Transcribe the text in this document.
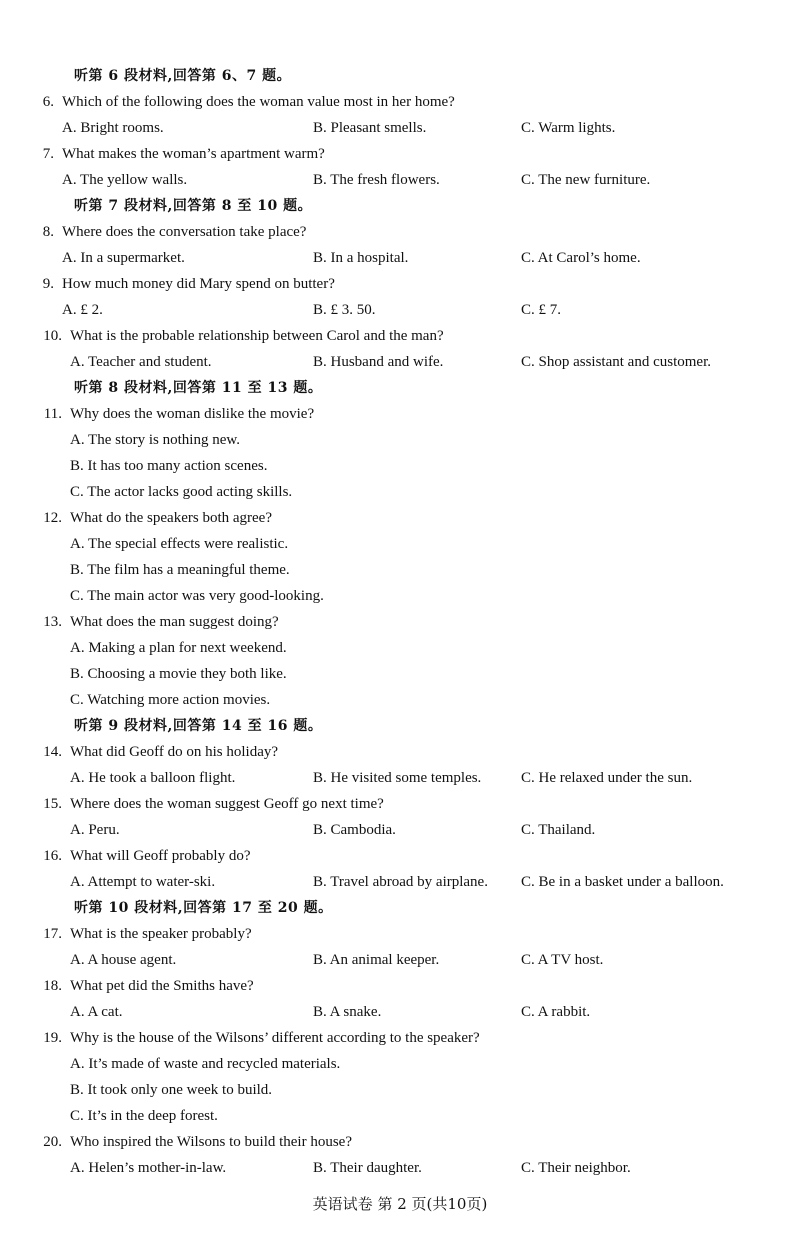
听第 6 段材料,回答第 6、7 题。
6. Which of the following does the woman value most in her home?
A. Bright rooms.	B. Pleasant smells.	C. Warm lights.
7. What makes the woman’s apartment warm?
A. The yellow walls.	B. The fresh flowers.	C. The new furniture.
听第 7 段材料,回答第 8 至 10 题。
8. Where does the conversation take place?
A. In a supermarket.	B. In a hospital.	C. At Carol’s home.
9. How much money did Mary spend on butter?
A. £ 2.	B. £ 3. 50.	C. £ 7.
10. What is the probable relationship between Carol and the man?
A. Teacher and student.	B. Husband and wife.	C. Shop assistant and customer.
听第 8 段材料,回答第 11 至 13 题。
11. Why does the woman dislike the movie?
A. The story is nothing new.
B. It has too many action scenes.
C. The actor lacks good acting skills.
12. What do the speakers both agree?
A. The special effects were realistic.
B. The film has a meaningful theme.
C. The main actor was very good-looking.
13. What does the man suggest doing?
A. Making a plan for next weekend.
B. Choosing a movie they both like.
C. Watching more action movies.
听第 9 段材料,回答第 14 至 16 题。
14. What did Geoff do on his holiday?
A. He took a balloon flight.	B. He visited some temples.	C. He relaxed under the sun.
15. Where does the woman suggest Geoff go next time?
A. Peru.	B. Cambodia.	C. Thailand.
16. What will Geoff probably do?
A. Attempt to water-ski.	B. Travel abroad by airplane. C. Be in a basket under a balloon.
听第 10 段材料,回答第 17 至 20 题。
17. What is the speaker probably?
A. A house agent.	B. An animal keeper.	C. A TV host.
18. What pet did the Smiths have?
A. A cat.	B. A snake.	C. A rabbit.
19. Why is the house of the Wilsons’ different according to the speaker?
A. It’s made of waste and recycled materials.
B. It took only one week to build.
C. It’s in the deep forest.
20. Who inspired the Wilsons to build their house?
A. Helen’s mother-in-law.	B. Their daughter.	C. Their neighbor.
英语试卷 第 2 页(共10页)
